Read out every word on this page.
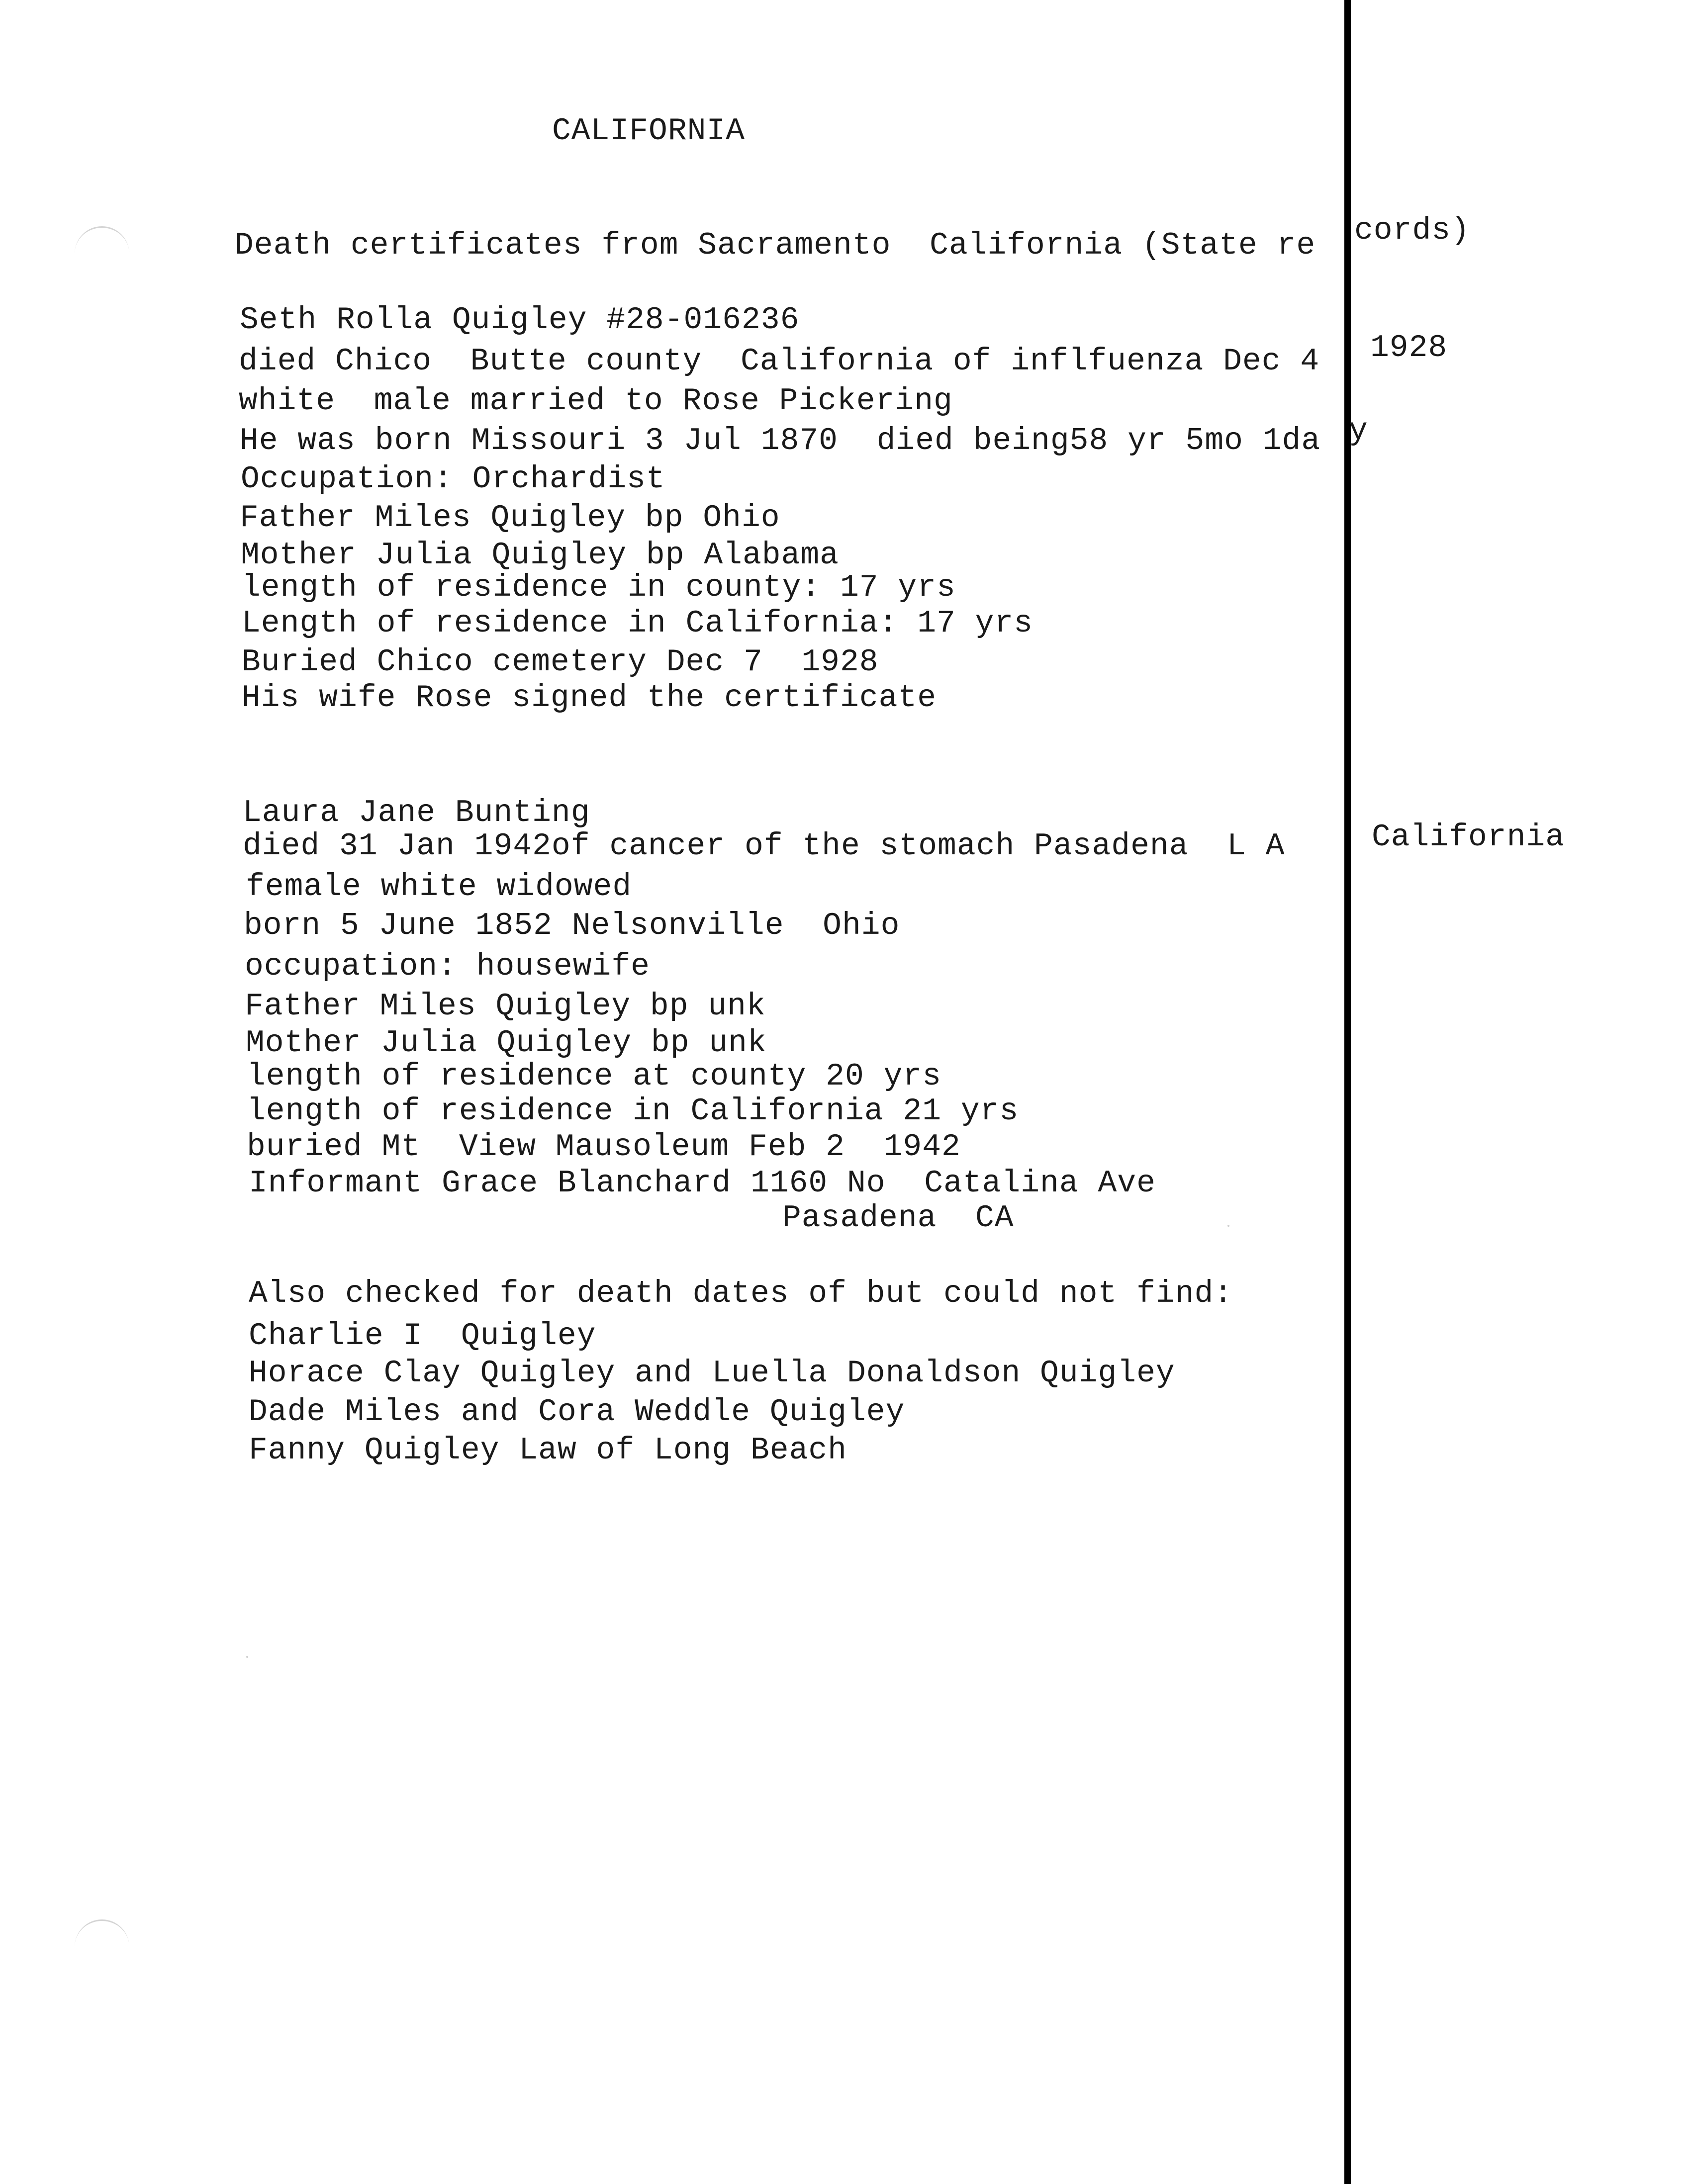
CALIFORNIA
Death certificates from Sacramento  California (State re cords)
Seth Rolla Quigley #28-016236
died Chico  Butte county  California of inflfuenza Dec 4 1928
white  male married to Rose Pickering
He was born Missouri 3 Jul 1870  died being58 yr 5mo 1da y
Occupation: Orchardist
Father Miles Quigley bp Ohio
Mother Julia Quigley bp Alabama
length of residence in county: 17 yrs
Length of residence in California: 17 yrs
Buried Chico cemetery Dec 7  1928
His wife Rose signed the certificate
Laura Jane Bunting
died 31 Jan 1942of cancer of the stomach Pasadena  L A	California
female white widowed
born 5 June 1852 Nelsonville  Ohio
occupation: housewife
Father Miles Quigley bp unk
Mother Julia Quigley bp unk
length of residence at county 20 yrs
length of residence in California 21 yrs
buried Mt  View Mausoleum Feb 2  1942
Informant Grace Blanchard 1160 No  Catalina Ave
Pasadena  CA
Also checked for death dates of but could not find:
Charlie I  Quigley
Horace Clay Quigley and Luella Donaldson Quigley
Dade Miles and Cora Weddle Quigley
Fanny Quigley Law of Long Beach
